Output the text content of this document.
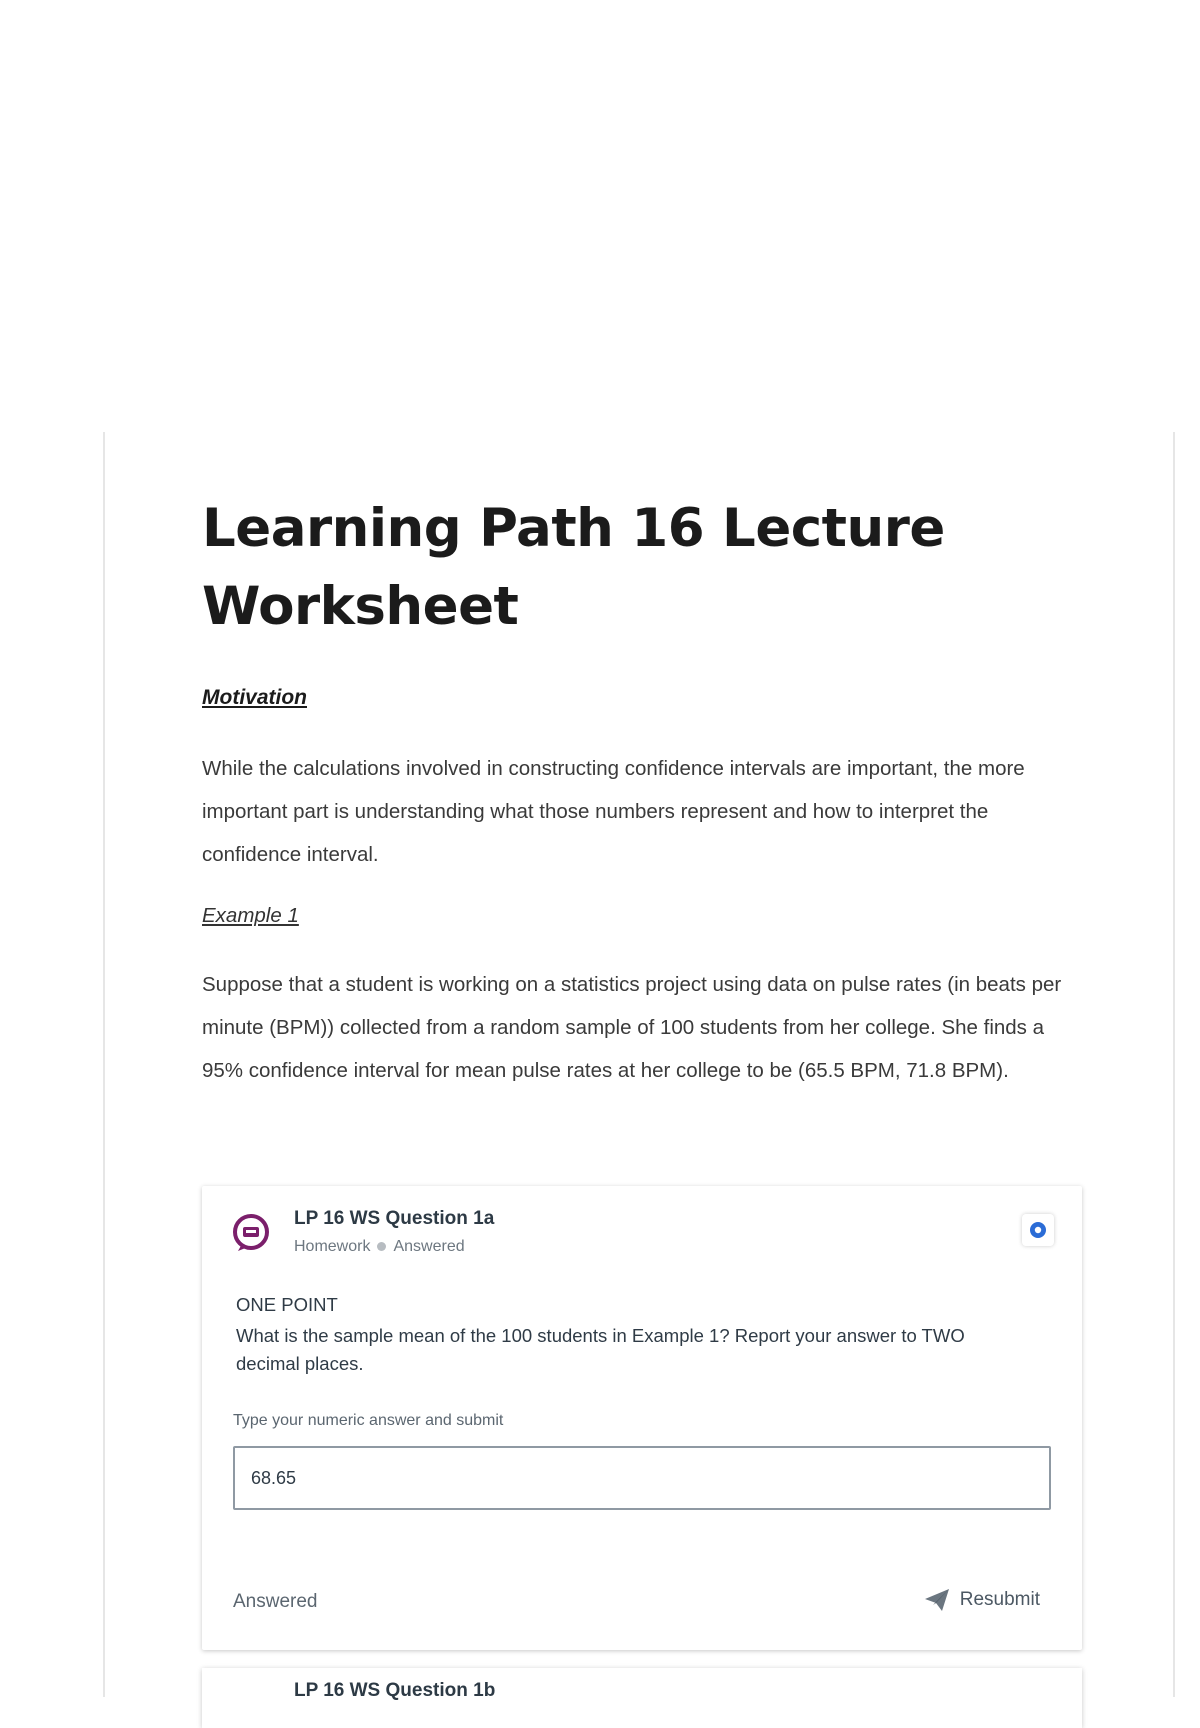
Learning Path 16 Lecture Worksheet
Motivation
While the calculations involved in constructing confidence intervals are important, the more important part is understanding what those numbers represent and how to interpret the confidence interval.
Example 1
Suppose that a student is working on a statistics project using data on pulse rates (in beats per minute (BPM)) collected from a random sample of 100 students from her college. She finds a 95% confidence interval for mean pulse rates at her college to be (65.5 BPM, 71.8 BPM).
LP 16 WS Question 1a
Homework Answered
ONE POINT
What is the sample mean of the 100 students in Example 1? Report your answer to TWO decimal places.
Type your numeric answer and submit
68.65
Answered	Resubmit
LP 16 WS Question 1b
